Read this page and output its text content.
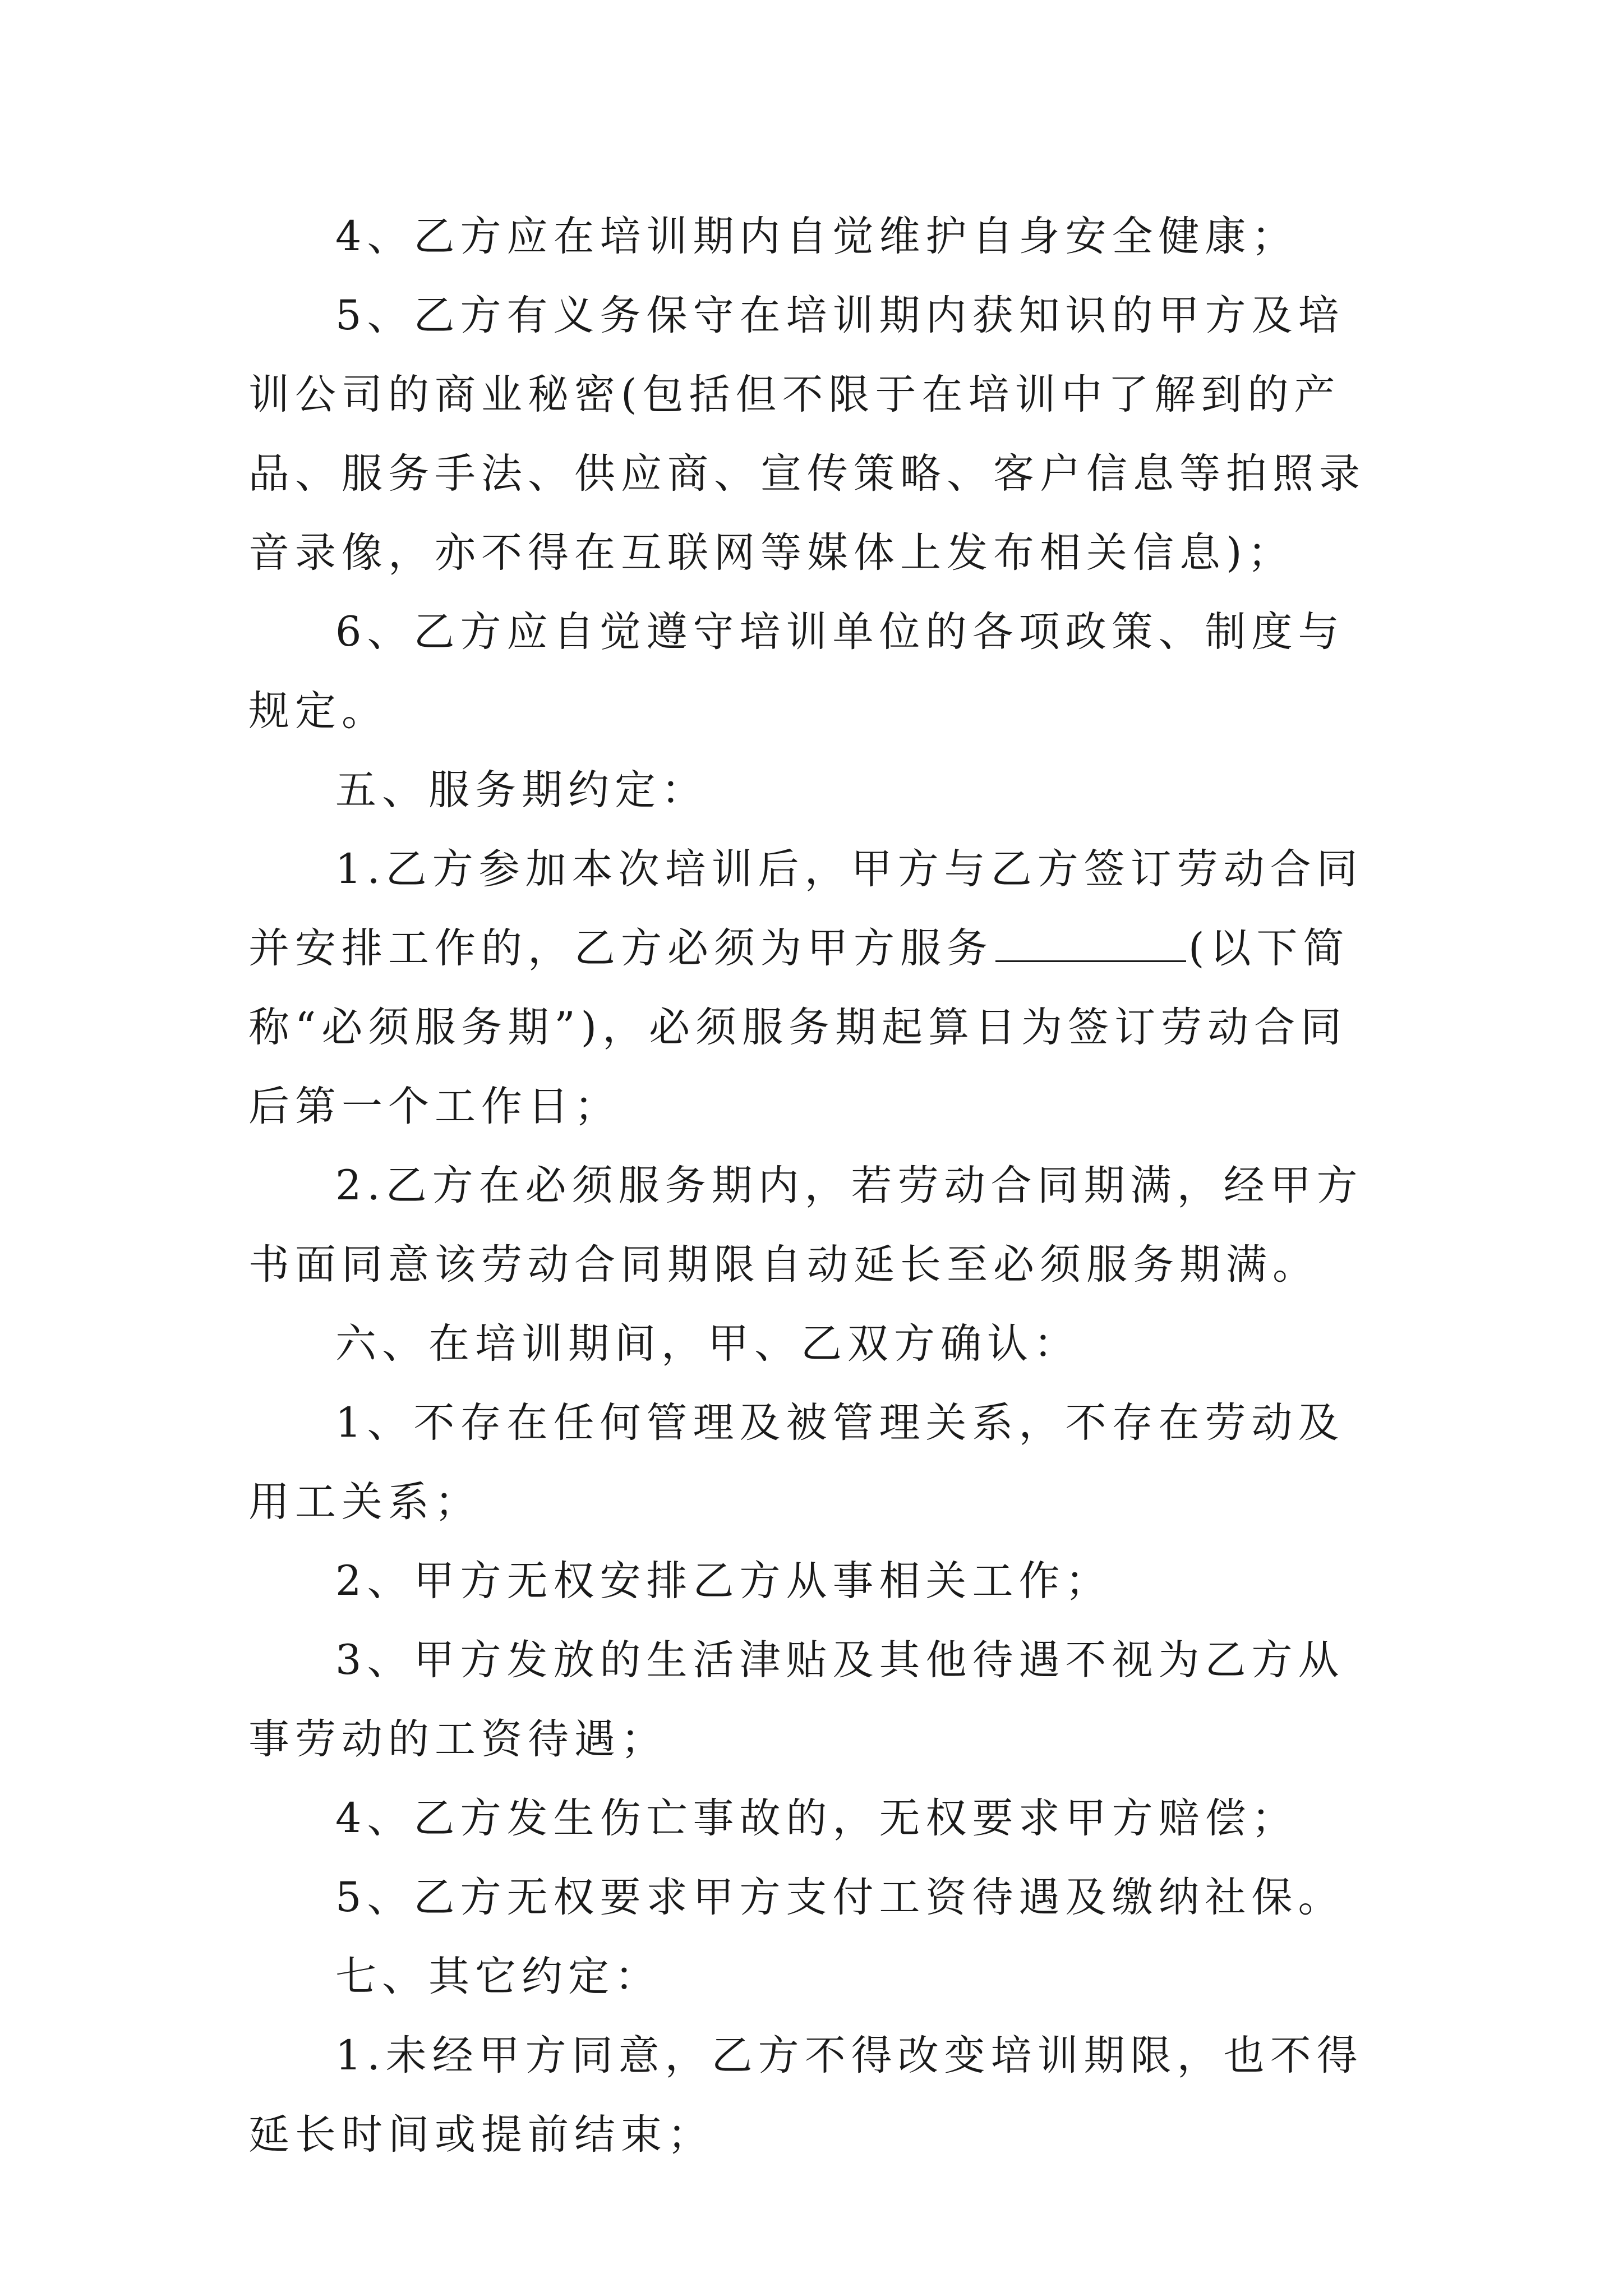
4、乙方应在培训期内自觉维护自身安全健康；

5、乙方有义务保守在培训期内获知识的甲方及培训公司的商业秘密(包括但不限于在培训中了解到的产品、服务手法、供应商、宣传策略、客户信息等拍照录音录像，亦不得在互联网等媒体上发布相关信息)；

6、乙方应自觉遵守培训单位的各项政策、制度与规定。

五、服务期约定：

1.乙方参加本次培训后，甲方与乙方签订劳动合同并安排工作的，乙方必须为甲方服务	(以下简称“必须服务期”)，必须服务期起算日为签订劳动合同后第一个工作日；

2.乙方在必须服务期内，若劳动合同期满，经甲方书面同意该劳动合同期限自动延长至必须服务期满。

六、在培训期间，甲、乙双方确认：

1、不存在任何管理及被管理关系，不存在劳动及用工关系；

2、甲方无权安排乙方从事相关工作；

3、甲方发放的生活津贴及其他待遇不视为乙方从事劳动的工资待遇；

4、乙方发生伤亡事故的，无权要求甲方赔偿；

5、乙方无权要求甲方支付工资待遇及缴纳社保。

七、其它约定：

1.未经甲方同意，乙方不得改变培训期限，也不得延长时间或提前结束；
